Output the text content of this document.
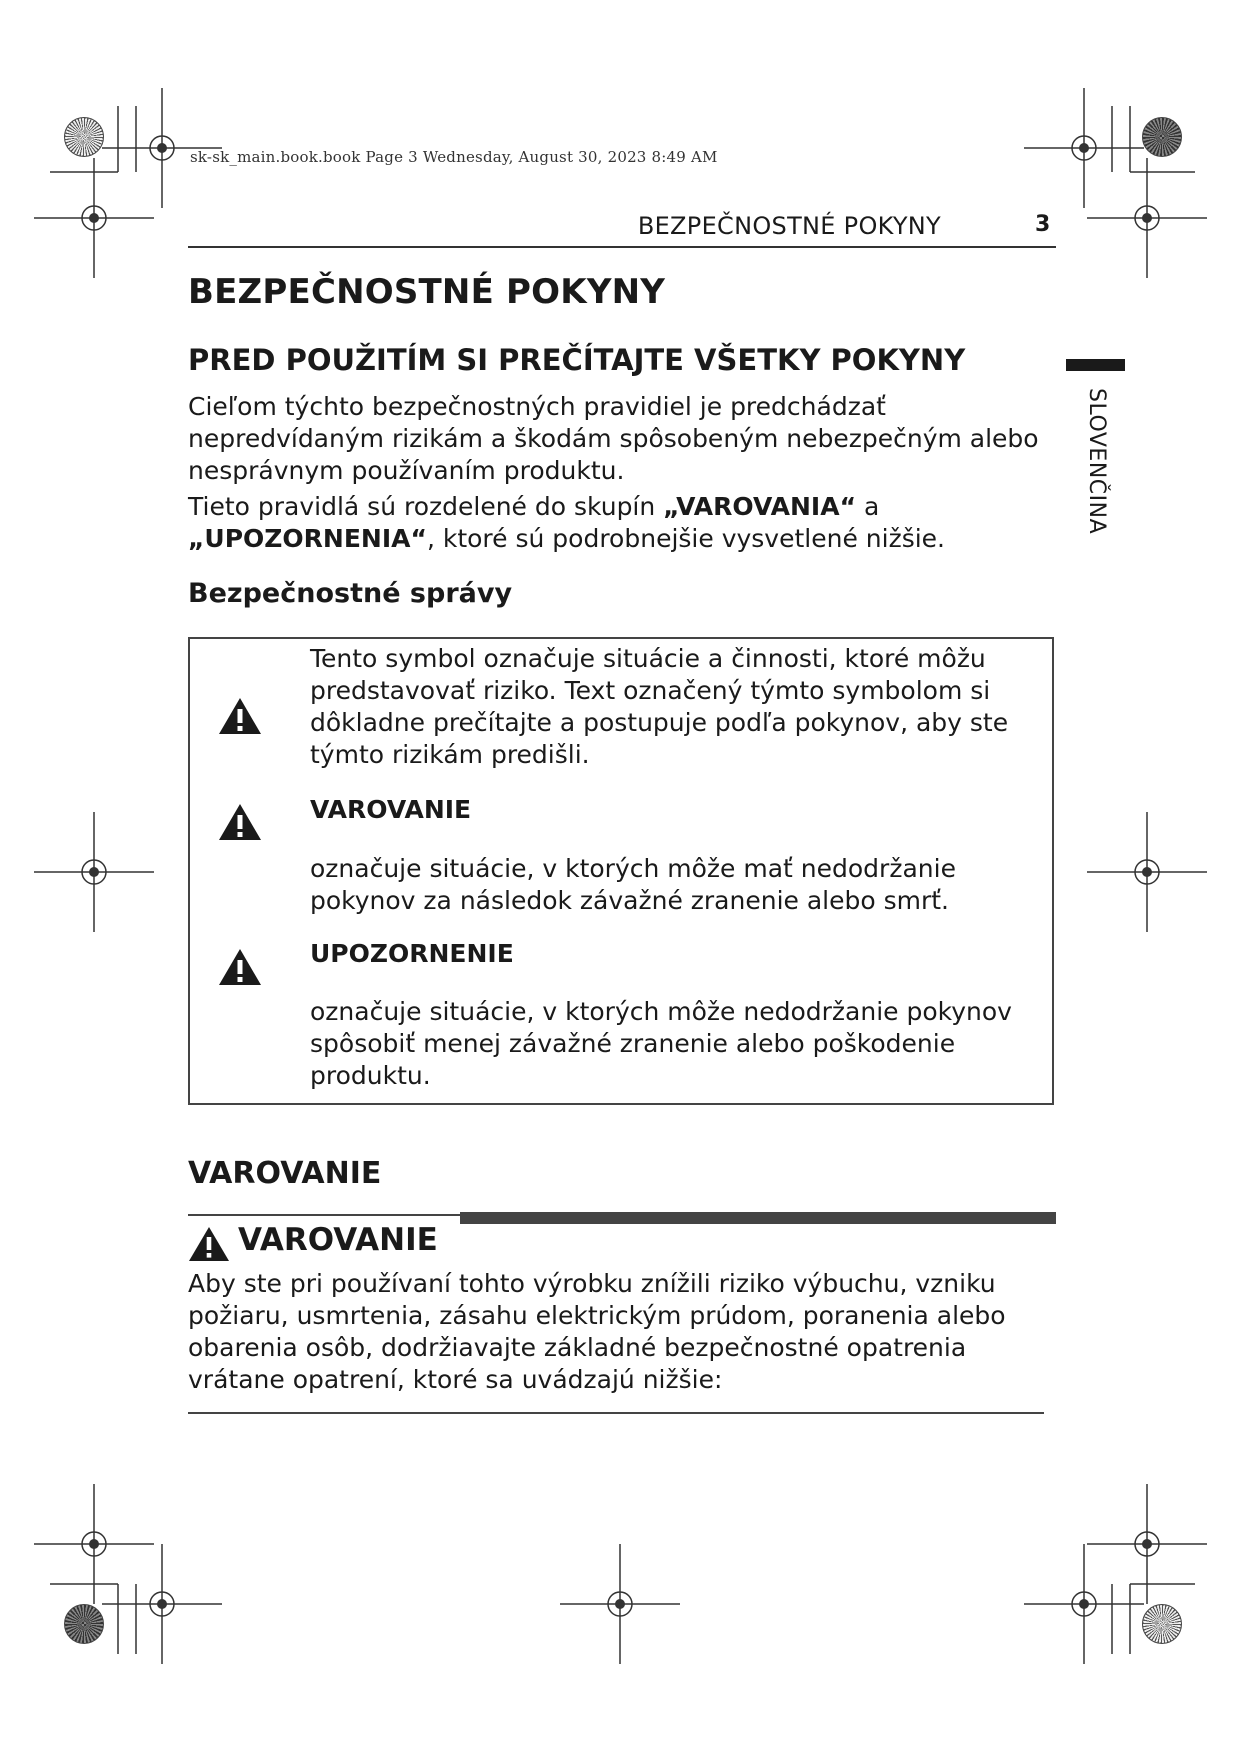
sk-sk_main.book.book Page 3 Wednesday, August 30, 2023 8:49 AM
BEZPEČNOSTNÉ POKYNY	3
SLOVENČINA
BEZPEČNOSTNÉ POKYNY
PRED POUŽITÍM SI PREČÍTAJTE VŠETKY POKYNY
Cieľom týchto bezpečnostných pravidiel je predchádzať nepredvídaným rizikám a škodám spôsobeným nebezpečným alebo nesprávnym používaním produktu.
Tieto pravidlá sú rozdelené do skupín „VAROVANIA“ a „UPOZORNENIA“, ktoré sú podrobnejšie vysvetlené nižšie.
Bezpečnostné správy
Tento symbol označuje situácie a činnosti, ktoré môžu predstavovať riziko. Text označený týmto symbolom si dôkladne prečítajte a postupuje podľa pokynov, aby ste týmto rizikám predišli.
VAROVANIE
označuje situácie, v ktorých môže mať nedodržanie pokynov za následok závažné zranenie alebo smrť.
UPOZORNENIE
označuje situácie, v ktorých môže nedodržanie pokynov spôsobiť menej závažné zranenie alebo poškodenie produktu.
VAROVANIE
VAROVANIE
Aby ste pri používaní tohto výrobku znížili riziko výbuchu, vzniku požiaru, usmrtenia, zásahu elektrickým prúdom, poranenia alebo obarenia osôb, dodržiavajte základné bezpečnostné opatrenia vrátane opatrení, ktoré sa uvádzajú nižšie:
